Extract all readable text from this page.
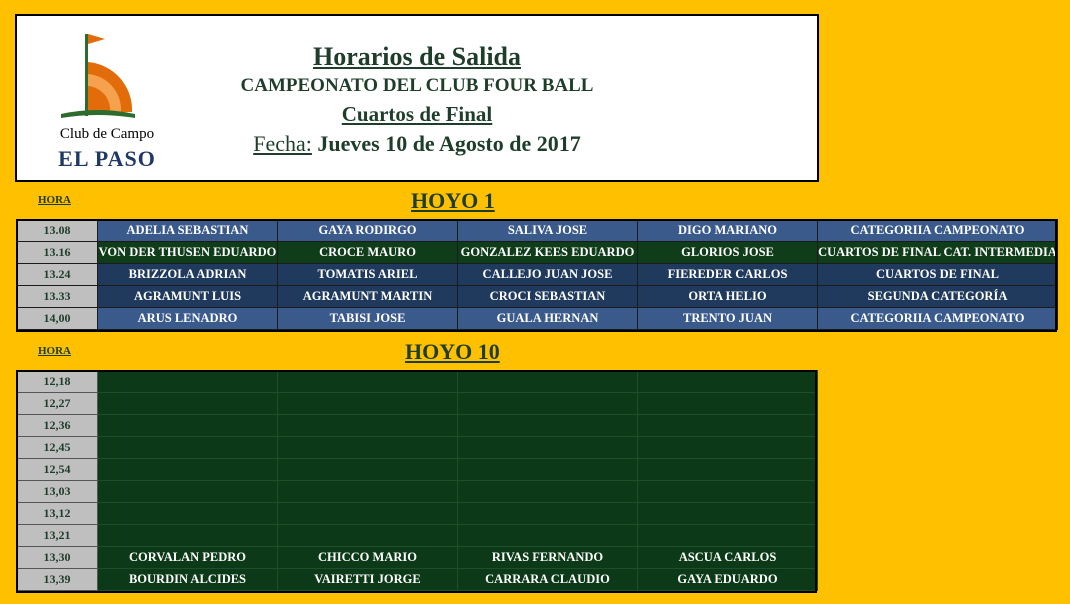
Club de Campo
EL PASO
Horarios de Salida
CAMPEONATO DEL CLUB FOUR BALL
Cuartos de Final
Fecha: Jueves 10 de Agosto de 2017
HORA	HOYO 1
13.08	ADELIA SEBASTIAN	GAYA RODIRGO	SALIVA JOSE	DIGO MARIANO	CATEGORIIA CAMPEONATO
13.16	VON DER THUSEN EDUARDO	CROCE MAURO	GONZALEZ KEES EDUARDO	GLORIOS JOSE	CUARTOS DE FINAL CAT. INTERMEDIA
13.24	BRIZZOLA ADRIAN	TOMATIS ARIEL	CALLEJO JUAN JOSE	FIEREDER CARLOS	CUARTOS DE FINAL
13.33	AGRAMUNT LUIS	AGRAMUNT MARTIN	CROCI SEBASTIAN	ORTA HELIO	SEGUNDA CATEGORÍA
14,00	ARUS LENADRO	TABISI JOSE	GUALA HERNAN	TRENTO JUAN	CATEGORIIA CAMPEONATO
HORA	HOYO 10
12,18				
12,27				
12,36				
12,45				
12,54				
13,03				
13,12				
13,21				
13,30	CORVALAN PEDRO	CHICCO MARIO	RIVAS FERNANDO	ASCUA CARLOS
13,39	BOURDIN ALCIDES	VAIRETTI JORGE	CARRARA CLAUDIO	GAYA EDUARDO
